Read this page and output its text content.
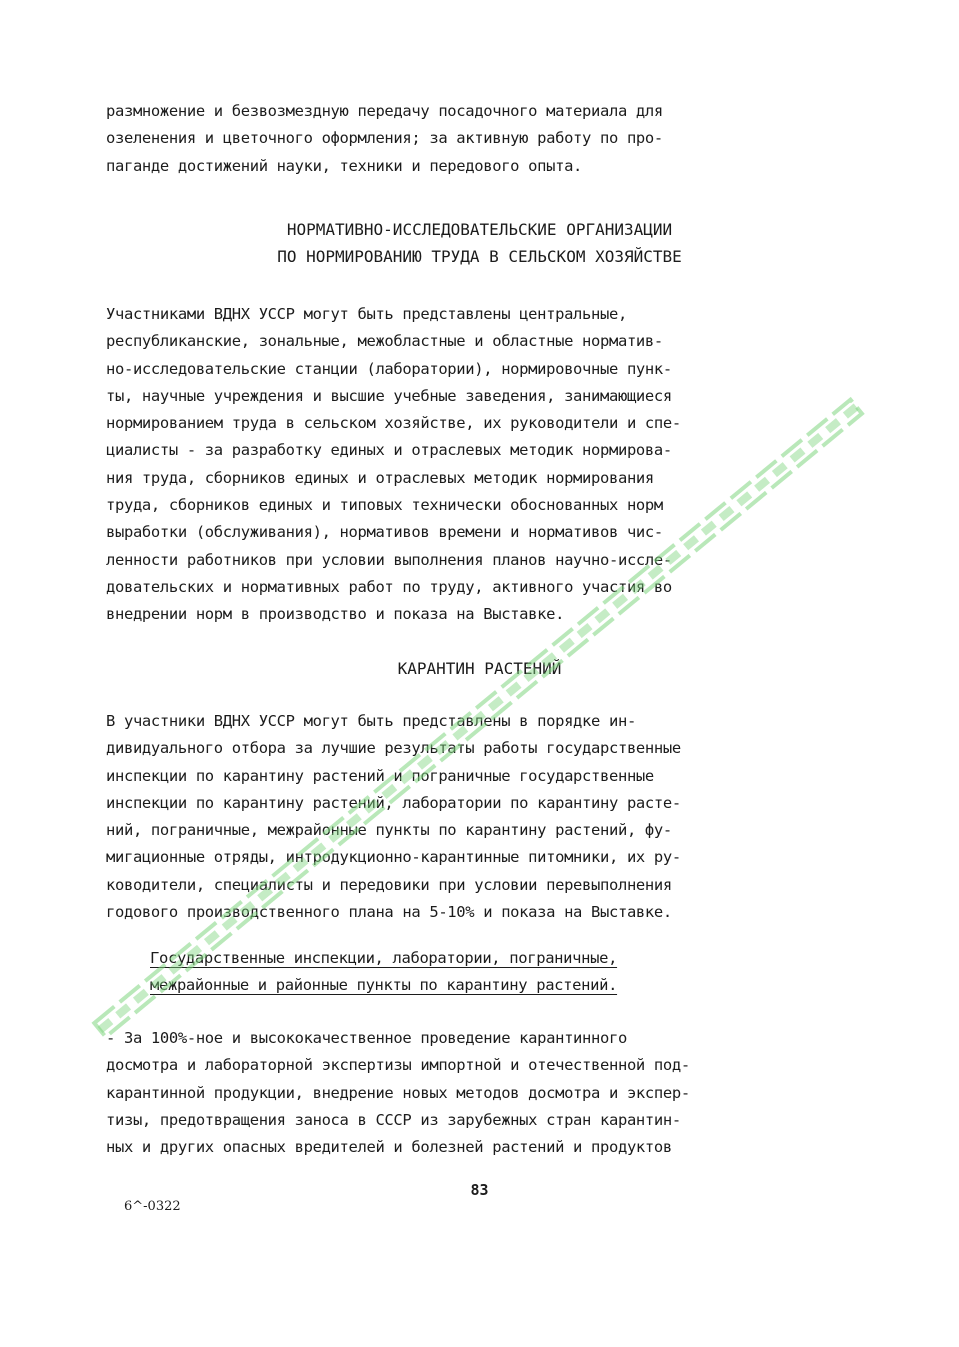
размножение и безвозмездную передачу посадочного материала для
озеленения и цветочного оформления; за активную работу по про-
паганде достижений науки, техники и передового опыта.
НОРМАТИВНО-ИССЛЕДОВАТЕЛЬСКИЕ ОРГАНИЗАЦИИ
ПО НОРМИРОВАНИЮ ТРУДА В СЕЛЬСКОМ ХОЗЯЙСТВЕ
Участниками ВДНХ УССР могут быть представлены центральные,
республиканские, зональные, межобластные и областные норматив-
но-исследовательские станции (лаборатории), нормировочные пунк-
ты, научные учреждения и высшие учебные заведения, занимающиеся
нормированием труда в сельском хозяйстве, их руководители и спе-
циалисты - за разработку единых и отраслевых методик нормирова-
ния труда, сборников единых и отраслевых методик нормирования
труда, сборников единых и типовых технически обоснованных норм
выработки (обслуживания), нормативов времени и нормативов чис-
ленности работников при условии выполнения планов научно-иссле-
довательских и нормативных работ по труду, активного участия во
внедрении норм в производство и показа на Выставке.
КАРАНТИН РАСТЕНИЙ
В участники ВДНХ УССР могут быть представлены в порядке ин-
дивидуального отбора за лучшие результаты работы государственные
инспекции по карантину растений и пограничные государственные
инспекции по карантину растений, лаборатории по карантину расте-
ний, пограничные, межрайонные пункты по карантину растений, фу-
мигационные отряды, интродукционно-карантинные питомники, их ру-
ководители, специалисты и передовики при условии перевыполнения
годового производственного плана на 5-10% и показа на Выставке.
Государственные инспекции, лаборатории, пограничные,
межрайонные и районные пункты по карантину растений.
- За 100%-ное и высококачественное проведение карантинного
досмотра и лабораторной экспертизы импортной и отечественной под-
карантинной продукции, внедрение новых методов досмотра и экспер-
тизы, предотвращения заноса в СССР из зарубежных стран карантин-
ных и других опасных вредителей и болезней растений и продуктов
83
6^-0322
